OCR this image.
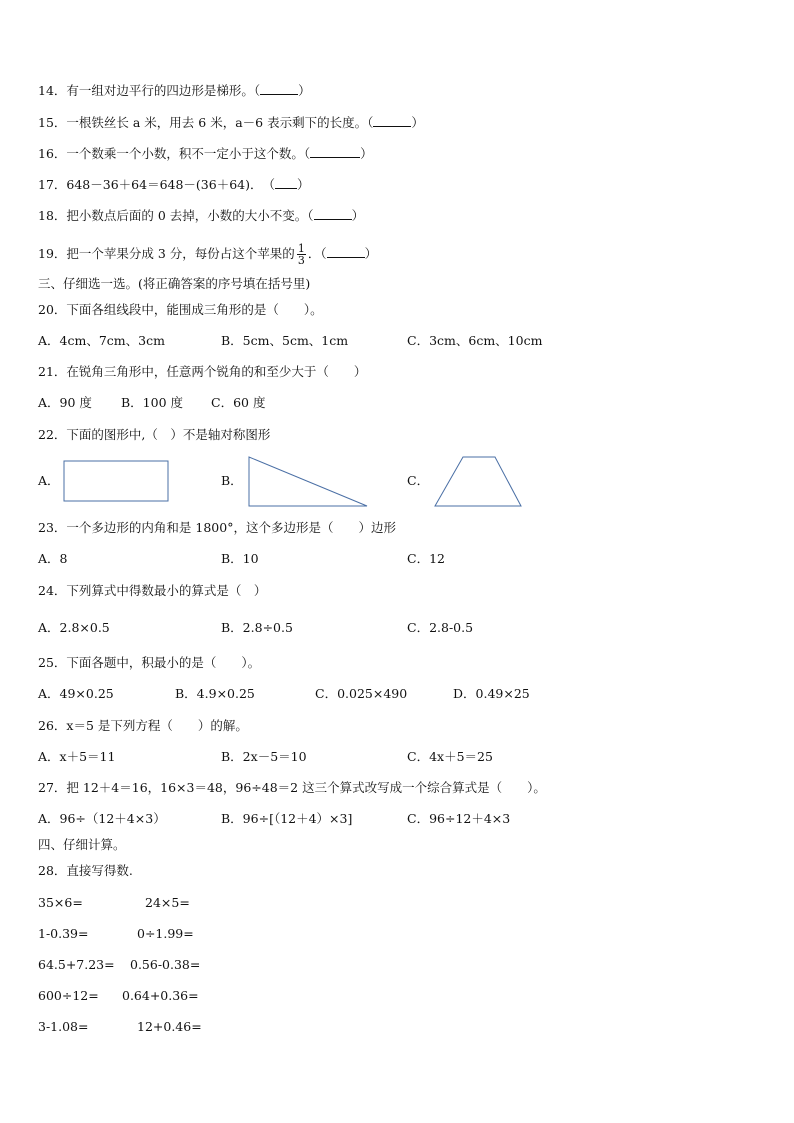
14．有一组对边平行的四边形是梯形。（	）
15．一根铁丝长 a 米，用去 6 米，a－6 表示剩下的长度。（	）
16．一个数乘一个小数，积不一定小于这个数。（	）
17．648－36＋64＝648－(36＋64)．　（ ）
18．把小数点后面的 0 去掉，小数的大小不变。（	）
19．把一个苹果分成 3 分，每份占这个苹果的 $\frac{1}{3}$ ．（	）
三、仔细选一选。(将正确答案的序号填在括号里)
20．下面各组线段中，能围成三角形的是（　　）。
A．4cm、7cm、3cm	B．5cm、5cm、1cm	C．3cm、6cm、10cm
21．在锐角三角形中，任意两个锐角的和至少大于（　　）
A．90 度 B．100 度 C．60 度
22．下面的图形中,（　）不是轴对称图形
A．	B．	C．
23．一个多边形的内角和是 1800°，这个多边形是（　　）边形
A．8	B．10	C．12
24．下列算式中得数最小的算式是（　）
A．2.8×0.5	B．2.8÷0.5	C．2.8-0.5
25．下面各题中，积最小的是（　　）。
A．49×0.25	B．4.9×0.25	C．0.025×490	D．0.49×25
26．x＝5 是下列方程（　　）的解。
A．x＋5＝11	B．2x－5＝10	C．4x＋5＝25
27．把 12＋4＝16，16×3＝48，96÷48＝2 这三个算式改写成一个综合算式是（　　）。
A．96÷（12＋4×3）	B．96÷[（12＋4）×3]	C．96÷12＋4×3
四、仔细计算。
28．直接写得数.
35×6=	24×5=
1-0.39=	0÷1.99=
64.5+7.23= 0.56-0.38=
600÷12= 0.64+0.36=
3-1.08=	12+0.46=
